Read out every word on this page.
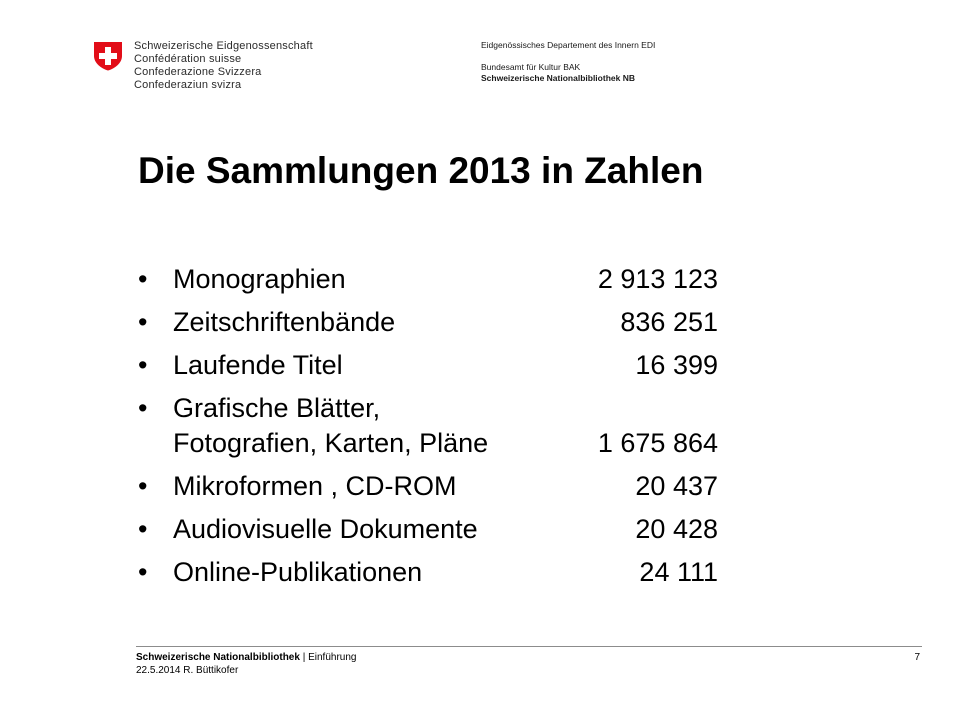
Schweizerische Eidgenossenschaft
Confédération suisse
Confederazione Svizzera
Confederaziun svizra
Eidgenössisches Departement des Innern EDI
Bundesamt für Kultur BAK
Schweizerische Nationalbibliothek NB
Die Sammlungen 2013 in Zahlen
• Monographien	2 913 123
• Zeitschriftenbände	836 251
• Laufende Titel	16 399
• Grafische Blätter,
Fotografien, Karten, Pläne	1 675 864
• Mikroformen , CD-ROM	20 437
• Audiovisuelle Dokumente	20 428
• Online-Publikationen	24 111
Schweizerische Nationalbibliothek | Einführung
22.5.2014 R. Büttikofer
7
